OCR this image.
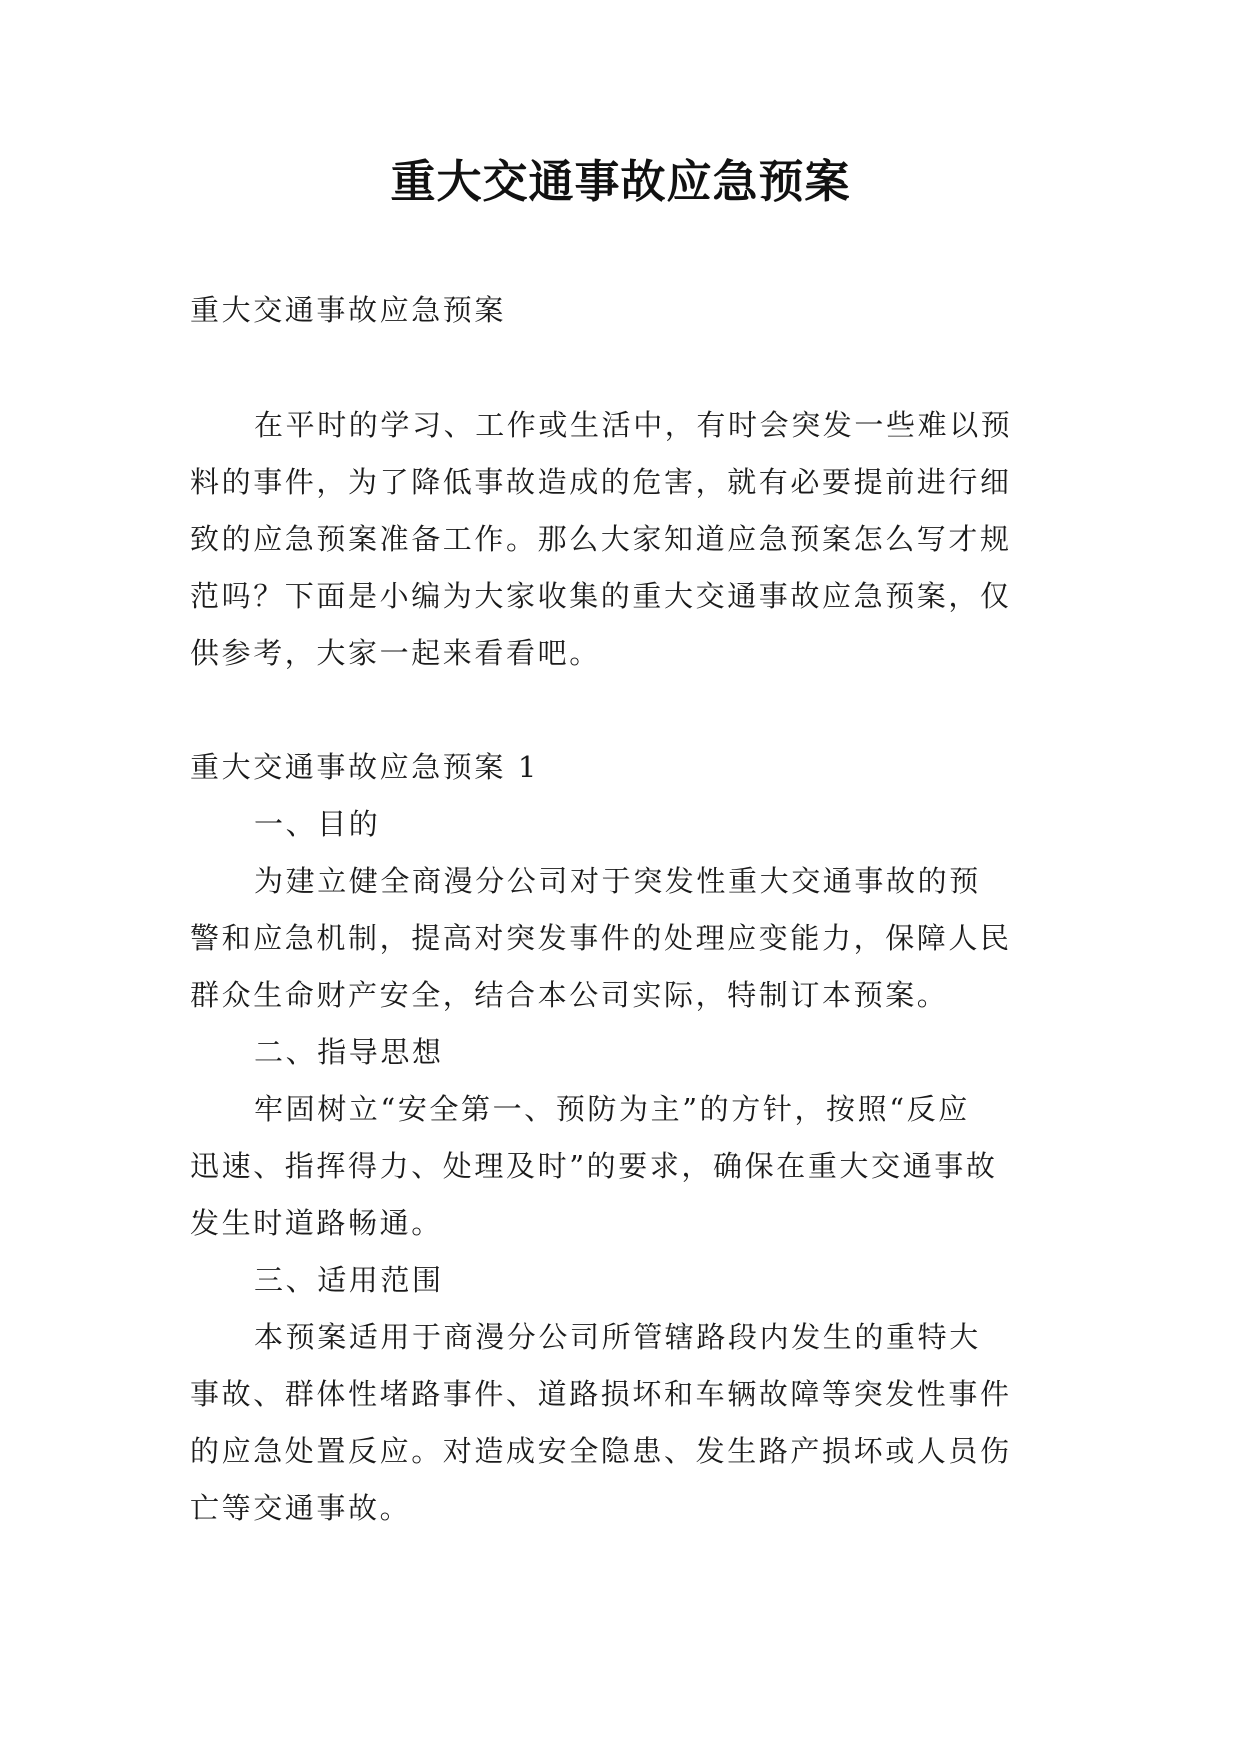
重大交通事故应急预案
重大交通事故应急预案
在平时的学习、工作或生活中，有时会突发一些难以预
料的事件，为了降低事故造成的危害，就有必要提前进行细
致的应急预案准备工作。那么大家知道应急预案怎么写才规
范吗？下面是小编为大家收集的重大交通事故应急预案，仅
供参考，大家一起来看看吧。
重大交通事故应急预案 1
一、目的
为建立健全商漫分公司对于突发性重大交通事故的预
警和应急机制，提高对突发事件的处理应变能力，保障人民
群众生命财产安全，结合本公司实际，特制订本预案。
二、指导思想
牢固树立“安全第一、预防为主”的方针，按照“反应
迅速、指挥得力、处理及时”的要求，确保在重大交通事故
发生时道路畅通。
三、适用范围
本预案适用于商漫分公司所管辖路段内发生的重特大
事故、群体性堵路事件、道路损坏和车辆故障等突发性事件
的应急处置反应。对造成安全隐患、发生路产损坏或人员伤
亡等交通事故。
